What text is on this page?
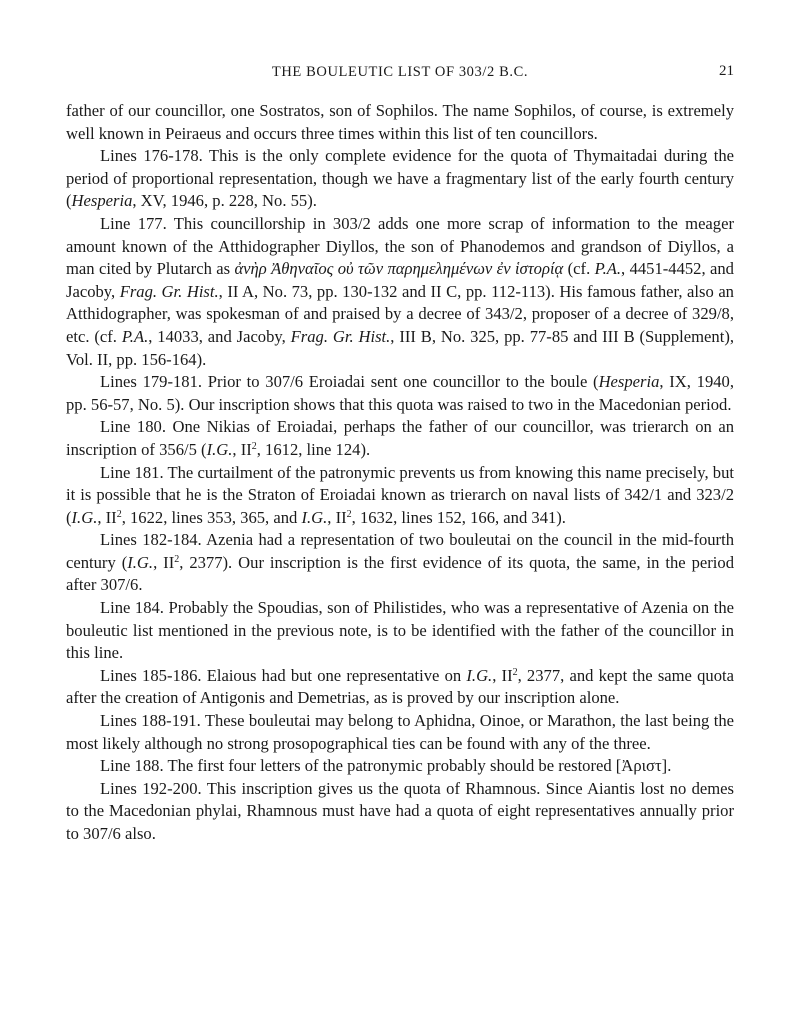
THE BOULEUTIC LIST OF 303/2 B.C.	21

father of our councillor, one Sostratos, son of Sophilos. The name Sophilos, of course, is extremely well known in Peiraeus and occurs three times within this list of ten councillors.

Lines 176-178. This is the only complete evidence for the quota of Thymaitadai during the period of proportional representation, though we have a fragmentary list of the early fourth century (Hesperia, XV, 1946, p. 228, No. 55).

Line 177. This councillorship in 303/2 adds one more scrap of information to the meager amount known of the Atthidographer Diyllos, the son of Phanodemos and grandson of Diyllos, a man cited by Plutarch as ἀνὴρ Ἀθηναῖος οὐ τῶν παρημελημένων ἐν ἱστορίᾳ (cf. P.A., 4451-4452, and Jacoby, Frag. Gr. Hist., II A, No. 73, pp. 130-132 and II C, pp. 112-113). His famous father, also an Atthidographer, was spokesman of and praised by a decree of 343/2, proposer of a decree of 329/8, etc. (cf. P.A., 14033, and Jacoby, Frag. Gr. Hist., III B, No. 325, pp. 77-85 and III B (Supplement), Vol. II, pp. 156-164).

Lines 179-181. Prior to 307/6 Eroiadai sent one councillor to the boule (Hesperia, IX, 1940, pp. 56-57, No. 5). Our inscription shows that this quota was raised to two in the Macedonian period.

Line 180. One Nikias of Eroiadai, perhaps the father of our councillor, was trierarch on an inscription of 356/5 (I.G., $II^2$, 1612, line 124).

Line 181. The curtailment of the patronymic prevents us from knowing this name precisely, but it is possible that he is the Straton of Eroiadai known as trierarch on naval lists of 342/1 and 323/2 (I.G., $II^2$, 1622, lines 353, 365, and I.G., $II^2$, 1632, lines 152, 166, and 341).

Lines 182-184. Azenia had a representation of two bouleutai on the council in the mid-fourth century (I.G., $II^2$, 2377). Our inscription is the first evidence of its quota, the same, in the period after 307/6.

Line 184. Probably the Spoudias, son of Philistides, who was a representative of Azenia on the bouleutic list mentioned in the previous note, is to be identified with the father of the councillor in this line.

Lines 185-186. Elaious had but one representative on I.G., $II^2$, 2377, and kept the same quota after the creation of Antigonis and Demetrias, as is proved by our inscription alone.

Lines 188-191. These bouleutai may belong to Aphidna, Oinoe, or Marathon, the last being the most likely although no strong prosopographical ties can be found with any of the three.

Line 188. The first four letters of the patronymic probably should be restored [Ἀριστ].

Lines 192-200. This inscription gives us the quota of Rhamnous. Since Aiantis lost no demes to the Macedonian phylai, Rhamnous must have had a quota of eight representatives annually prior to 307/6 also.
